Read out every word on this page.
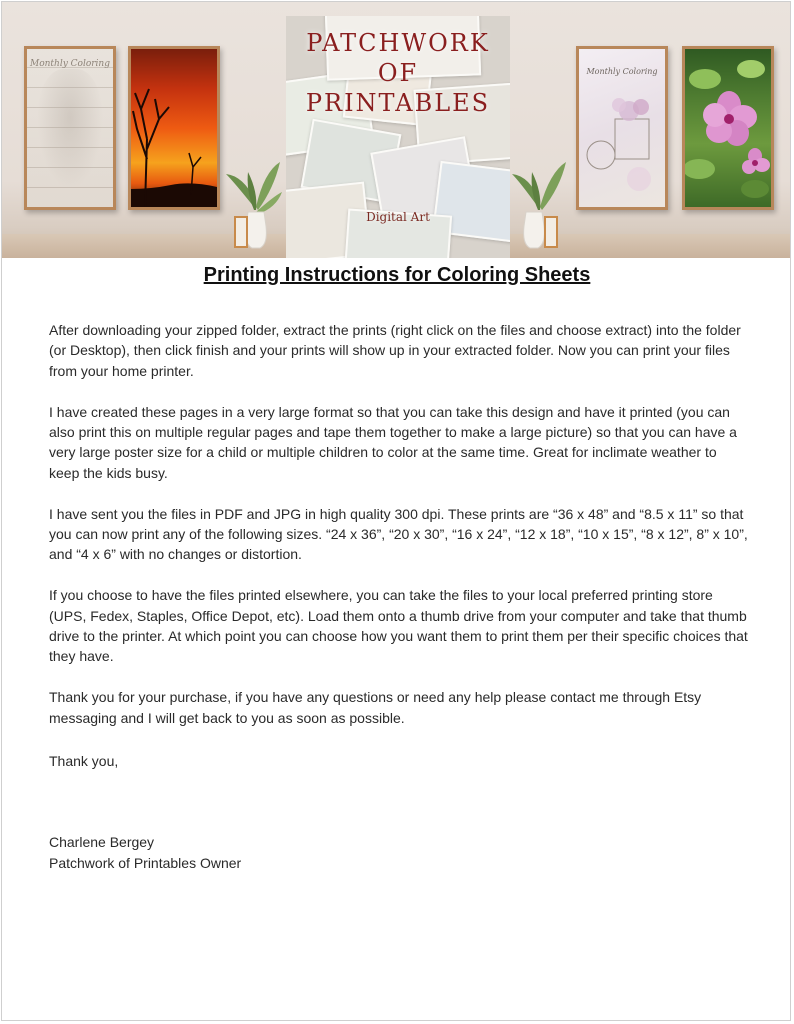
Monthly Coloring
PATCHWORK OF PRINTABLES
Digital Art
Monthly Coloring
Printing Instructions for Coloring Sheets

After downloading your zipped folder, extract the prints (right click on the files and choose extract) into the folder (or Desktop), then click finish and your prints will show up in your extracted folder. Now you can print your files from your home printer.

I have created these pages in a very large format so that you can take this design and have it printed (you can also print this on multiple regular pages and tape them together to make a large picture) so that you can have a very large poster size for a child or multiple children to color at the same time. Great for inclimate weather to keep the kids busy.

I have sent you the files in PDF and JPG in high quality 300 dpi. These prints are “36 x 48” and “8.5 x 11” so that you can now print any of the following sizes. “24 x 36”, “20 x 30”, “16 x 24”, “12 x 18”, “10 x 15”, “8 x 12”, 8” x 10”, and “4 x 6” with no changes or distortion.

If you choose to have the files printed elsewhere, you can take the files to your local preferred printing store (UPS, Fedex, Staples, Office Depot, etc). Load them onto a thumb drive from your computer and take that thumb drive to the printer. At which point you can choose how you want them to print them per their specific choices that they have.

Thank you for your purchase, if you have any questions or need any help please contact me through Etsy messaging and I will get back to you as soon as possible.

Thank you,
Charlene Bergey
Patchwork of Printables Owner
